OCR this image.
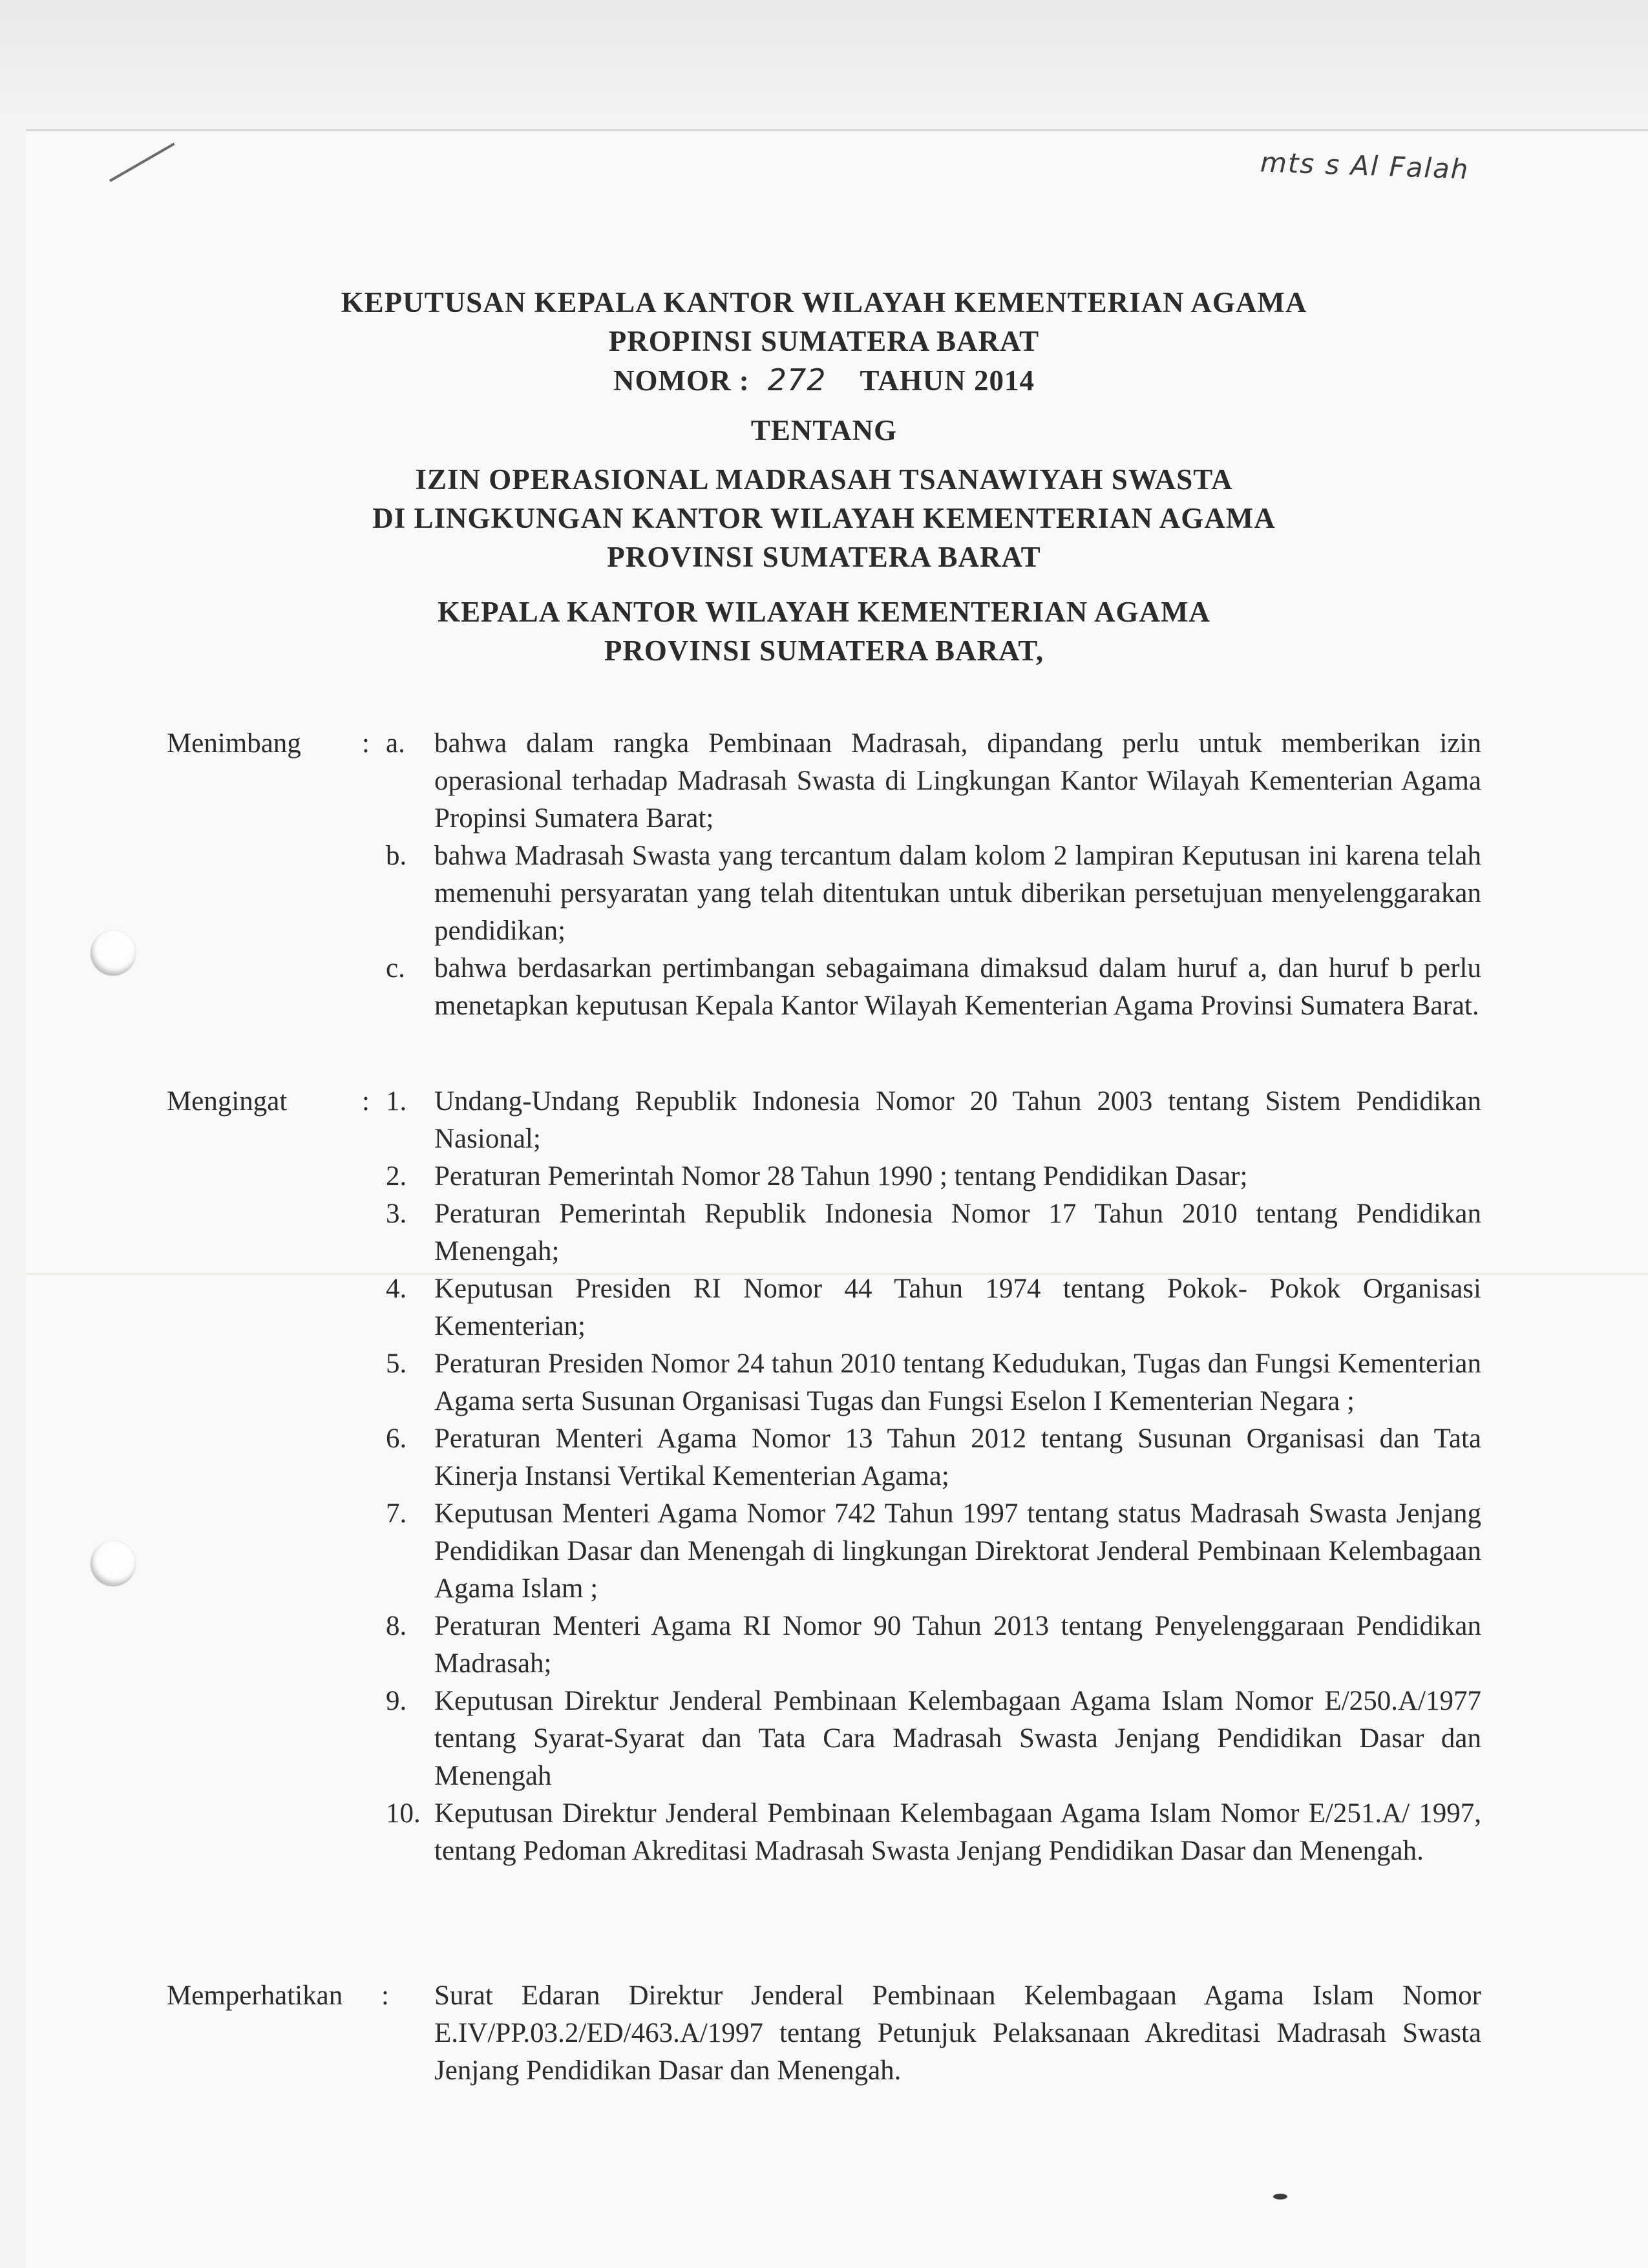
mts s Al Falah
KEPUTUSAN KEPALA KANTOR WILAYAH KEMENTERIAN AGAMA
PROPINSI SUMATERA BARAT
NOMOR : 272 TAHUN 2014
TENTANG
IZIN OPERASIONAL MADRASAH TSANAWIYAH SWASTA
DI LINGKUNGAN KANTOR WILAYAH KEMENTERIAN AGAMA
PROVINSI SUMATERA BARAT
KEPALA KANTOR WILAYAH KEMENTERIAN AGAMA
PROVINSI SUMATERA BARAT,
Menimbang : a.	bahwa dalam rangka Pembinaan Madrasah, dipandang perlu untuk memberikan izin operasional terhadap Madrasah Swasta di Lingkungan Kantor Wilayah Kementerian Agama Propinsi Sumatera Barat;
b. bahwa Madrasah Swasta yang tercantum dalam kolom 2 lampiran Keputusan ini karena telah memenuhi persyaratan yang telah ditentukan untuk diberikan persetujuan menyelenggarakan pendidikan;
c.	bahwa berdasarkan pertimbangan sebagaimana dimaksud dalam huruf a, dan huruf b perlu menetapkan keputusan Kepala Kantor Wilayah Kementerian Agama Provinsi Sumatera Barat.
Mengingat	: 1. Undang-Undang Republik Indonesia Nomor 20 Tahun 2003 tentang Sistem Pendidikan Nasional;
2. Peraturan Pemerintah Nomor 28 Tahun 1990 ; tentang Pendidikan Dasar;
3. Peraturan Pemerintah Republik Indonesia Nomor 17 Tahun 2010 tentang Pendidikan Menengah;
4. Keputusan Presiden RI Nomor 44 Tahun 1974 tentang Pokok- Pokok Organisasi Kementerian;
5. Peraturan Presiden Nomor 24 tahun 2010 tentang Kedudukan, Tugas dan Fungsi Kementerian Agama serta Susunan Organisasi Tugas dan Fungsi Eselon I Kementerian Negara ;
6. Peraturan Menteri Agama Nomor 13 Tahun 2012 tentang Susunan Organisasi dan Tata Kinerja Instansi Vertikal Kementerian Agama;
7. Keputusan Menteri Agama Nomor 742 Tahun 1997 tentang status Madrasah Swasta Jenjang Pendidikan Dasar dan Menengah di lingkungan Direktorat Jenderal Pembinaan Kelembagaan Agama Islam ;
8. Peraturan Menteri Agama RI Nomor 90 Tahun 2013 tentang Penyelenggaraan Pendidikan Madrasah;
9. Keputusan Direktur Jenderal Pembinaan Kelembagaan Agama Islam Nomor E/250.A/1977 tentang Syarat-Syarat dan Tata Cara Madrasah Swasta Jenjang Pendidikan Dasar dan Menengah
10. Keputusan Direktur Jenderal Pembinaan Kelembagaan Agama Islam Nomor E/251.A/ 1997, tentang Pedoman Akreditasi Madrasah Swasta Jenjang Pendidikan Dasar dan Menengah.
Memperhatikan : Surat Edaran Direktur Jenderal Pembinaan Kelembagaan Agama Islam Nomor E.IV/PP.03.2/ED/463.A/1997 tentang Petunjuk Pelaksanaan Akreditasi Madrasah Swasta Jenjang Pendidikan Dasar dan Menengah.
